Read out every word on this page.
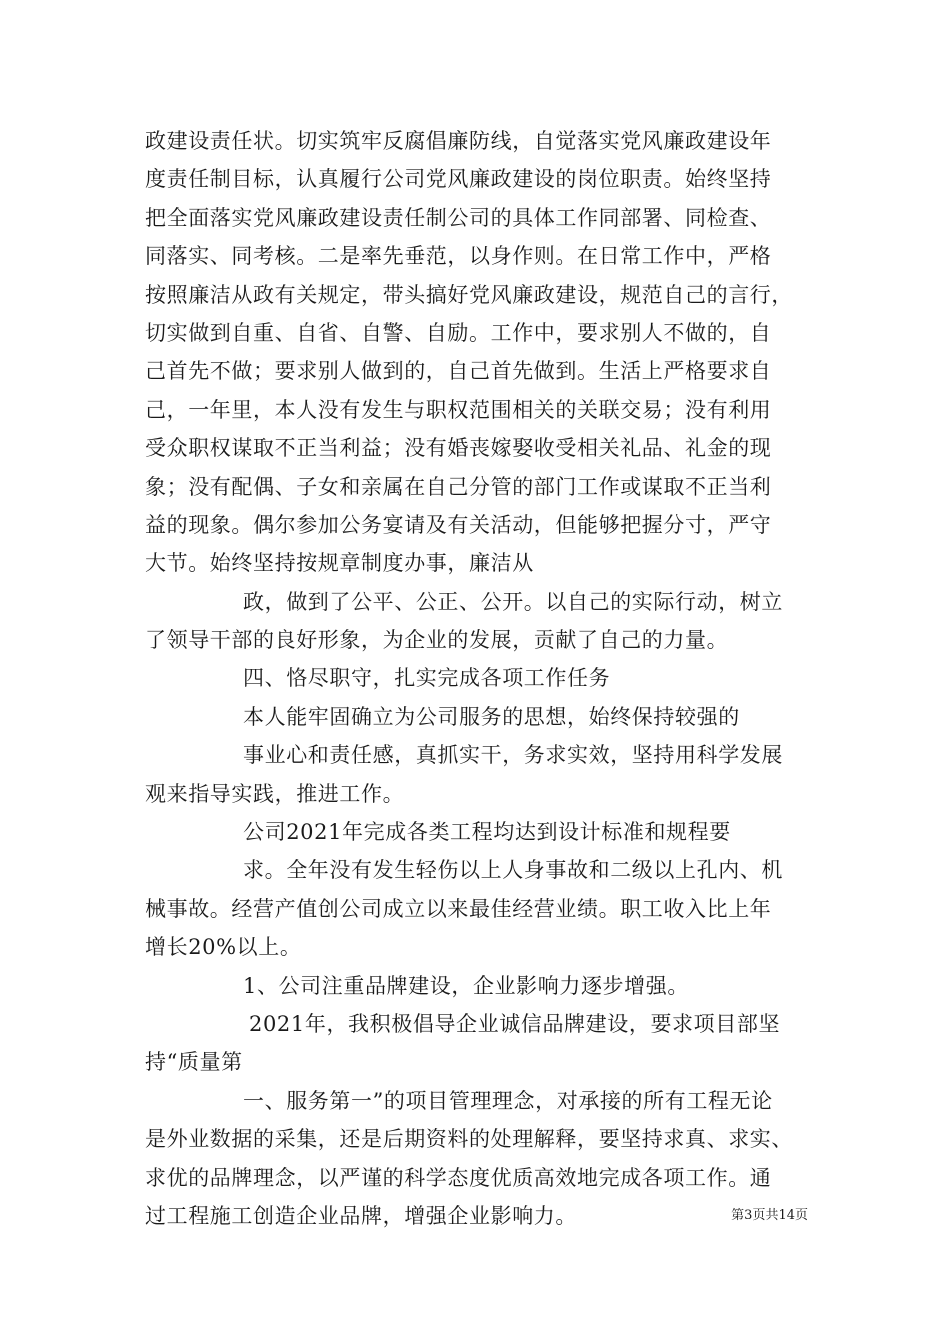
政建设责任状。切实筑牢反腐倡廉防线，自觉落实党风廉政建设年
度责任制目标，认真履行公司党风廉政建设的岗位职责。始终坚持
把全面落实党风廉政建设责任制公司的具体工作同部署、同检查、
同落实、同考核。二是率先垂范，以身作则。在日常工作中，严格
按照廉洁从政有关规定，带头搞好党风廉政建设，规范自己的言行，
切实做到自重、自省、自警、自励。工作中，要求别人不做的，自
己首先不做；要求别人做到的，自己首先做到。生活上严格要求自
己，一年里，本人没有发生与职权范围相关的关联交易；没有利用
受众职权谋取不正当利益；没有婚丧嫁娶收受相关礼品、礼金的现
象；没有配偶、子女和亲属在自己分管的部门工作或谋取不正当利
益的现象。偶尔参加公务宴请及有关活动，但能够把握分寸，严守
大节。始终坚持按规章制度办事，廉洁从
政，做到了公平、公正、公开。以自己的实际行动，树立
了领导干部的良好形象，为企业的发展，贡献了自己的力量。
四、恪尽职守，扎实完成各项工作任务
本人能牢固确立为公司服务的思想，始终保持较强的
事业心和责任感，真抓实干，务求实效，坚持用科学发展
观来指导实践，推进工作。
公司2021年完成各类工程均达到设计标准和规程要
求。全年没有发生轻伤以上人身事故和二级以上孔内、机
械事故。经营产值创公司成立以来最佳经营业绩。职工收入比上年
增长20%以上。
1、公司注重品牌建设，企业影响力逐步增强。
2021年，我积极倡导企业诚信品牌建设，要求项目部坚
持“质量第
一、服务第一”的项目管理理念，对承接的所有工程无论
是外业数据的采集，还是后期资料的处理解释，要坚持求真、求实、
求优的品牌理念，以严谨的科学态度优质高效地完成各项工作。通
过工程施工创造企业品牌，增强企业影响力。	第3页共14页
